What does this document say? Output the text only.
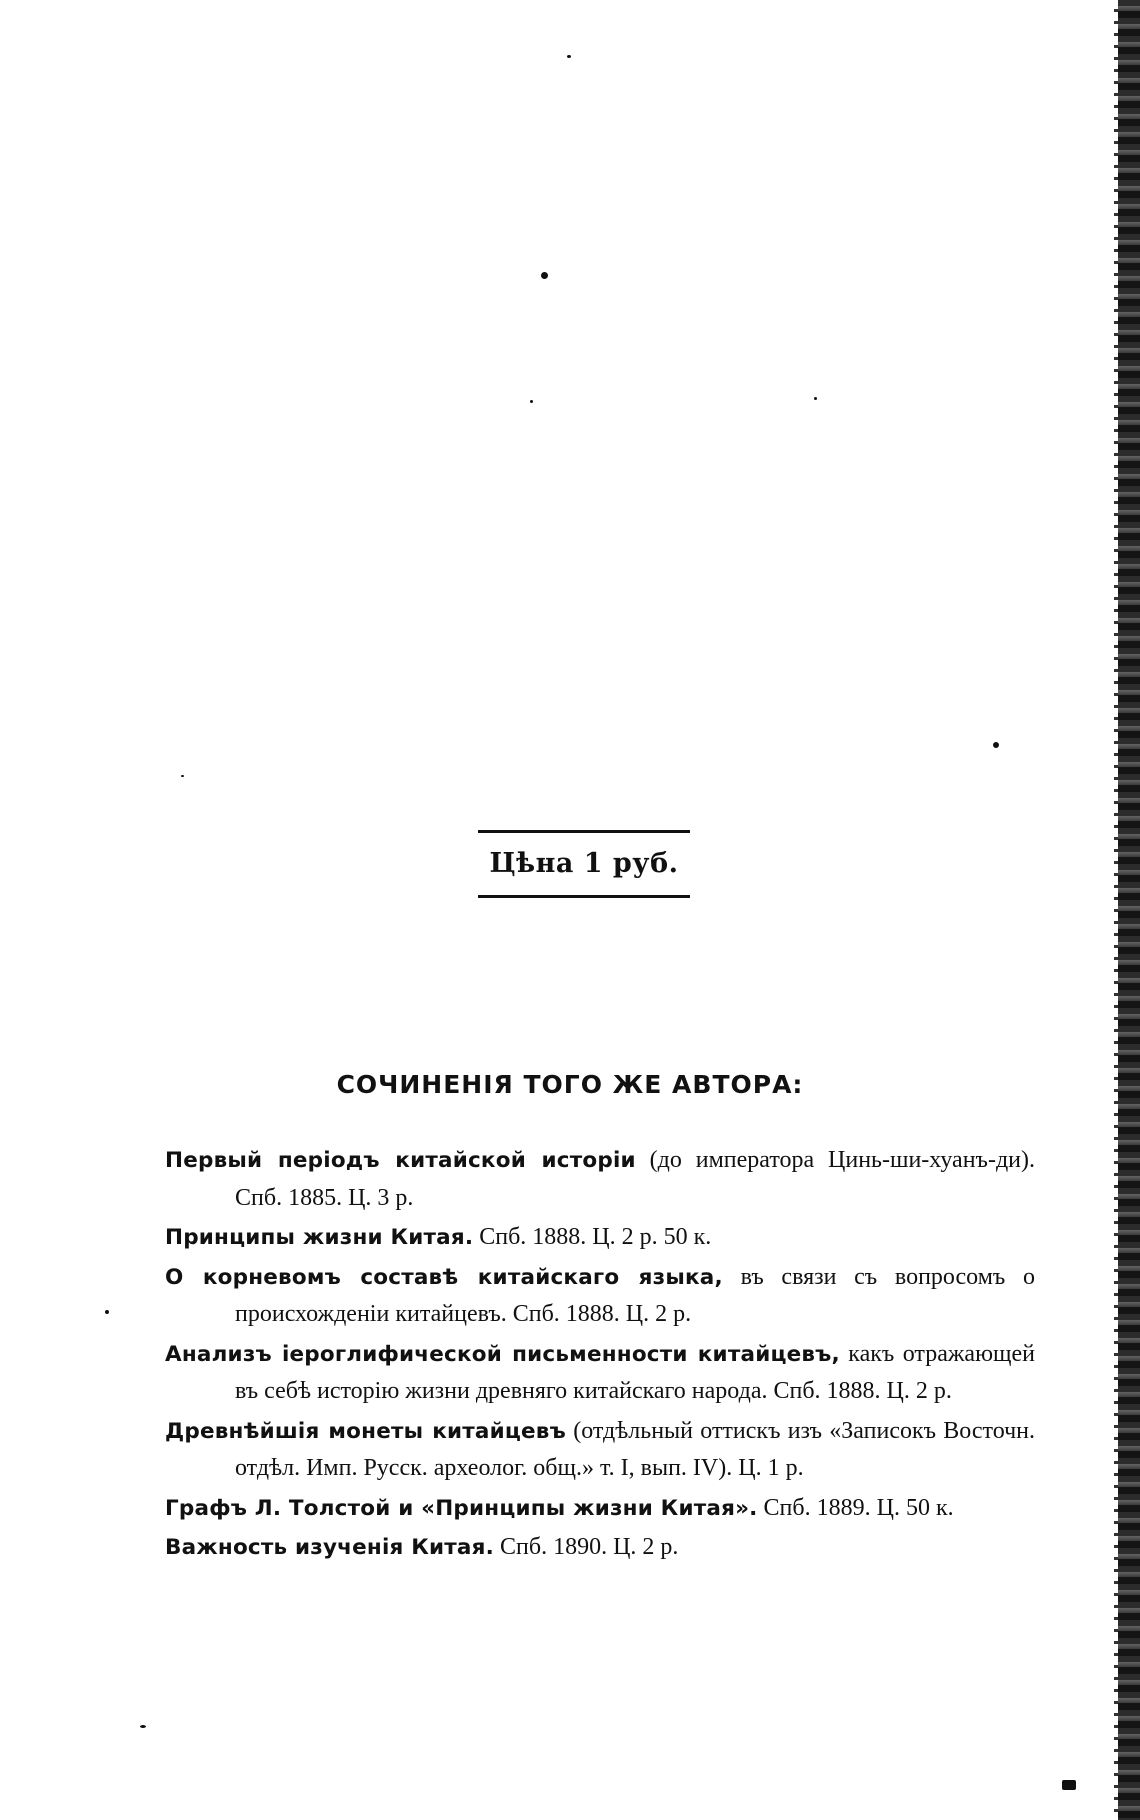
Цѣна 1 руб.
СОЧИНЕНІЯ ТОГО ЖЕ АВТОРА:
Первый періодъ китайской исторіи (до императора Цинь-ши-хуанъ-ди). Спб. 1885. Ц. 3 р.
Принципы жизни Китая. Спб. 1888. Ц. 2 р. 50 к.
О корневомъ составѣ китайскаго языка, въ связи съ вопросомъ о происхожденіи китайцевъ. Спб. 1888. Ц. 2 р.
Анализъ іероглифической письменности китайцевъ, какъ отражающей въ себѣ исторію жизни древняго китайскаго народа. Спб. 1888. Ц. 2 р.
Древнѣйшія монеты китайцевъ (отдѣльный оттискъ изъ «Записокъ Восточн. отдѣл. Имп. Русск. археолог. общ.» т. I, вып. IV). Ц. 1 р.
Графъ Л. Толстой и «Принципы жизни Китая». Спб. 1889. Ц. 50 к.
Важность изученія Китая. Спб. 1890. Ц. 2 р.
